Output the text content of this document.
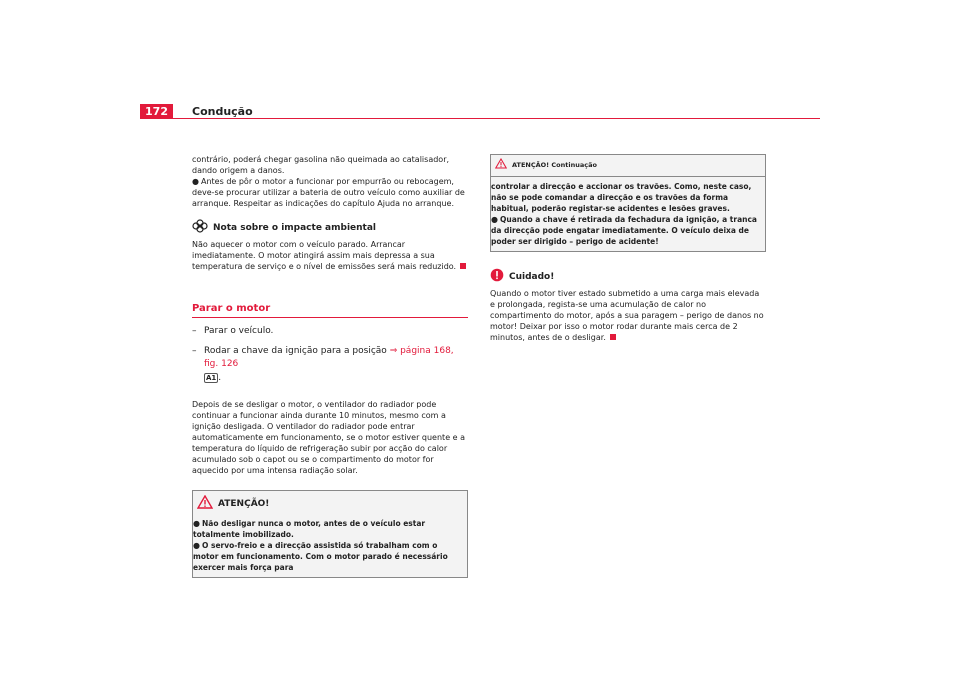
172	Condução

contrário, poderá chegar gasolina não queimada ao catalisador, dando origem a danos.

● Antes de pôr o motor a funcionar por empurrão ou rebocagem, deve-se procurar utilizar a bateria de outro veículo como auxiliar de arranque. Respeitar as indicações do capítulo Ajuda no arranque.

Nota sobre o impacte ambiental

Não aquecer o motor com o veículo parado. Arrancar imediatamente. O motor atingirá assim mais depressa a sua temperatura de serviço e o nível de emissões será mais reduzido.

Parar o motor
– Parar o veículo.
– Rodar a chave da ignição para a posição ⇒ página 168, fig. 126
A1 .

Depois de se desligar o motor, o ventilador do radiador pode continuar a funcionar ainda durante 10 minutos, mesmo com a ignição desligada. O ventilador do radiador pode entrar automaticamente em funcionamento, se o motor estiver quente e a temperatura do líquido de refrigeração subir por acção do calor acumulado sob o capot ou se o compartimento do motor for aquecido por uma intensa radiação solar.

ATENÇÃO!

● Não desligar nunca o motor, antes de o veículo estar totalmente imobilizado.

● O servo-freio e a direcção assistida só trabalham com o motor em funcionamento. Com o motor parado é necessário exercer mais força para

ATENÇÃO! Continuação

controlar a direcção e accionar os travões. Como, neste caso, não se pode comandar a direcção e os travões da forma habitual, poderão registar-se acidentes e lesões graves.

● Quando a chave é retirada da fechadura da ignição, a tranca da direcção pode engatar imediatamente. O veículo deixa de poder ser dirigido – perigo de acidente!

Cuidado!

Quando o motor tiver estado submetido a uma carga mais elevada e prolongada, regista-se uma acumulação de calor no compartimento do motor, após a sua paragem – perigo de danos no motor! Deixar por isso o motor rodar durante mais cerca de 2 minutos, antes de o desligar.
